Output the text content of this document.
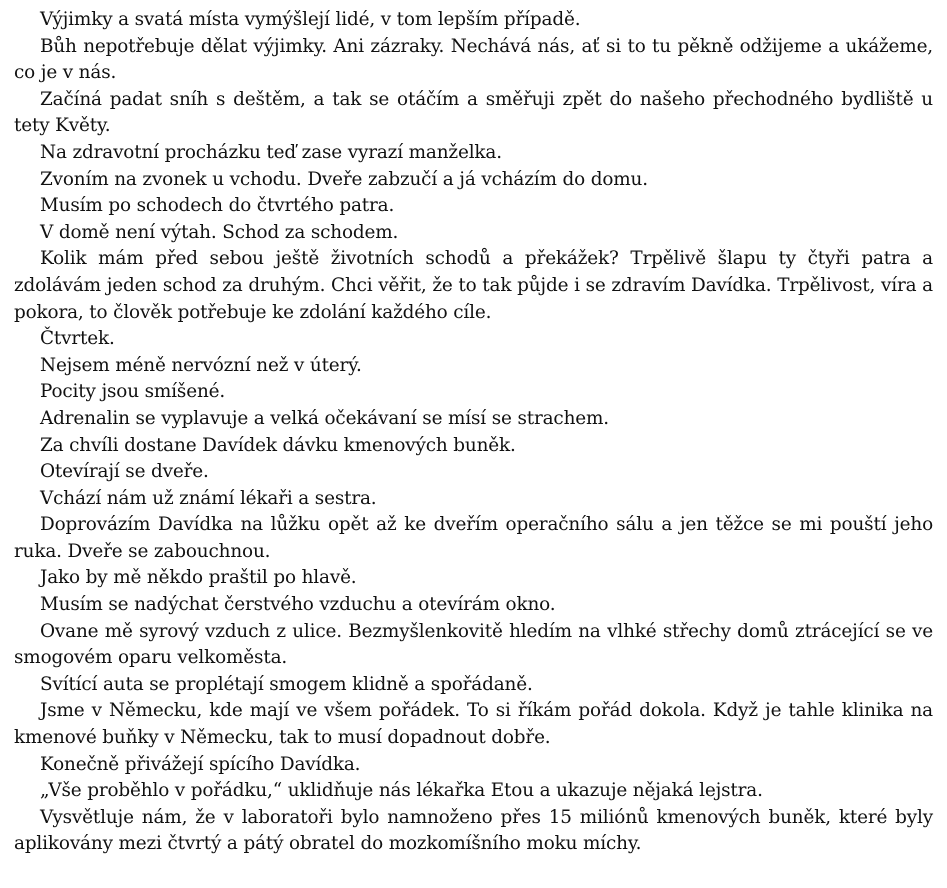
Výjimky a svatá místa vymýšlejí lidé, v tom lepším případě.

Bůh nepotřebuje dělat výjimky. Ani zázraky. Nechává nás, ať si to tu pěkně odžijeme a ukážeme, co je v nás.

Začíná padat sníh s deštěm, a tak se otáčím a směřuji zpět do našeho přechodného bydliště u tety Květy.

Na zdravotní procházku teď zase vyrazí manželka.

Zvoním na zvonek u vchodu. Dveře zabzučí a já vcházím do domu.

Musím po schodech do čtvrtého patra.

V domě není výtah. Schod za schodem.

Kolik mám před sebou ještě životních schodů a překážek? Trpělivě šlapu ty čtyři patra a zdolávám jeden schod za druhým. Chci věřit, že to tak půjde i se zdravím Davídka. Trpělivost, víra a pokora, to člověk potřebuje ke zdolání každého cíle.

Čtvrtek.

Nejsem méně nervózní než v úterý.

Pocity jsou smíšené.

Adrenalin se vyplavuje a velká očekávaní se mísí se strachem.

Za chvíli dostane Davídek dávku kmenových buněk.

Otevírají se dveře.

Vchází nám už známí lékaři a sestra.

Doprovázím Davídka na lůžku opět až ke dveřím operačního sálu a jen těžce se mi pouští jeho ruka. Dveře se zabouchnou.

Jako by mě někdo praštil po hlavě.

Musím se nadýchat čerstvého vzduchu a otevírám okno.

Ovane mě syrový vzduch z ulice. Bezmyšlenkovitě hledím na vlhké střechy domů ztrácející se ve smogovém oparu velkoměsta.

Svítící auta se proplétají smogem klidně a spořádaně.

Jsme v Německu, kde mají ve všem pořádek. To si říkám pořád dokola. Když je tahle klinika na kmenové buňky v Německu, tak to musí dopadnout dobře.

Konečně přivážejí spícího Davídka.

„Vše proběhlo v pořádku,“ uklidňuje nás lékařka Etou a ukazuje nějaká lejstra.

Vysvětluje nám, že v laboratoři bylo namnoženo přes 15 miliónů kmenových buněk, které byly aplikovány mezi čtvrtý a pátý obratel do mozkomíšního moku míchy.
